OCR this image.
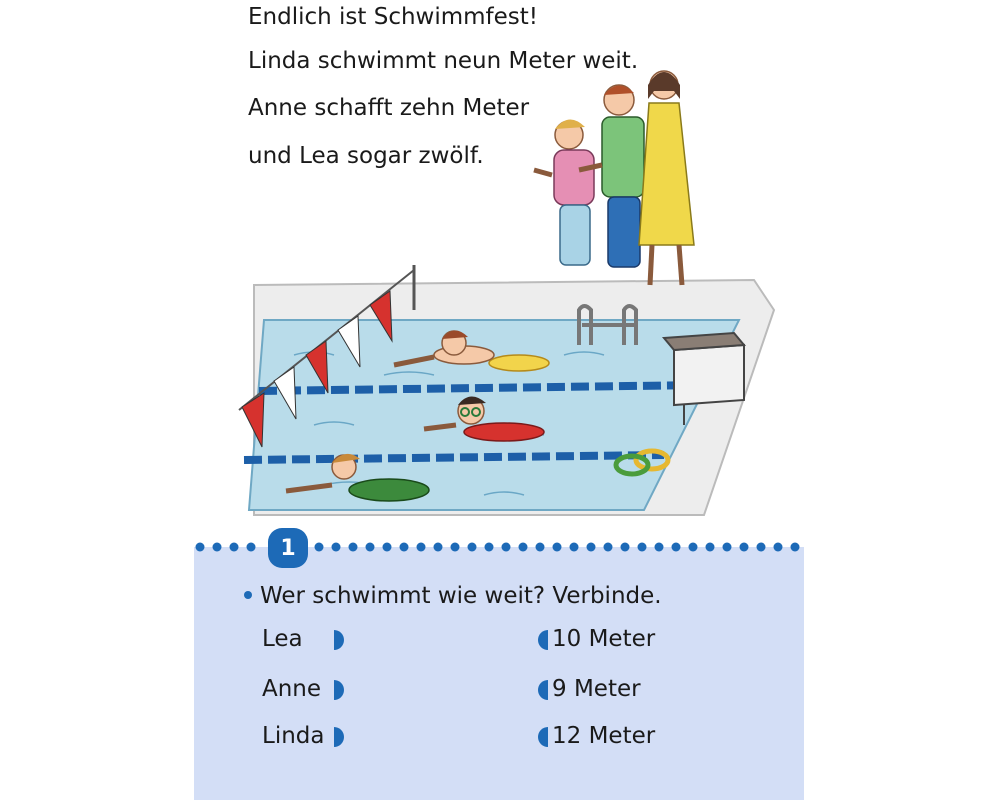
Endlich ist Schwimmfest!
Linda schwimmt neun Meter weit.
Anne schafft zehn Meter
und Lea sogar zwölf.
1
Wer schwimmt wie weit? Verbinde.
Lea
Anne
Linda
10 Meter
9 Meter
12 Meter
